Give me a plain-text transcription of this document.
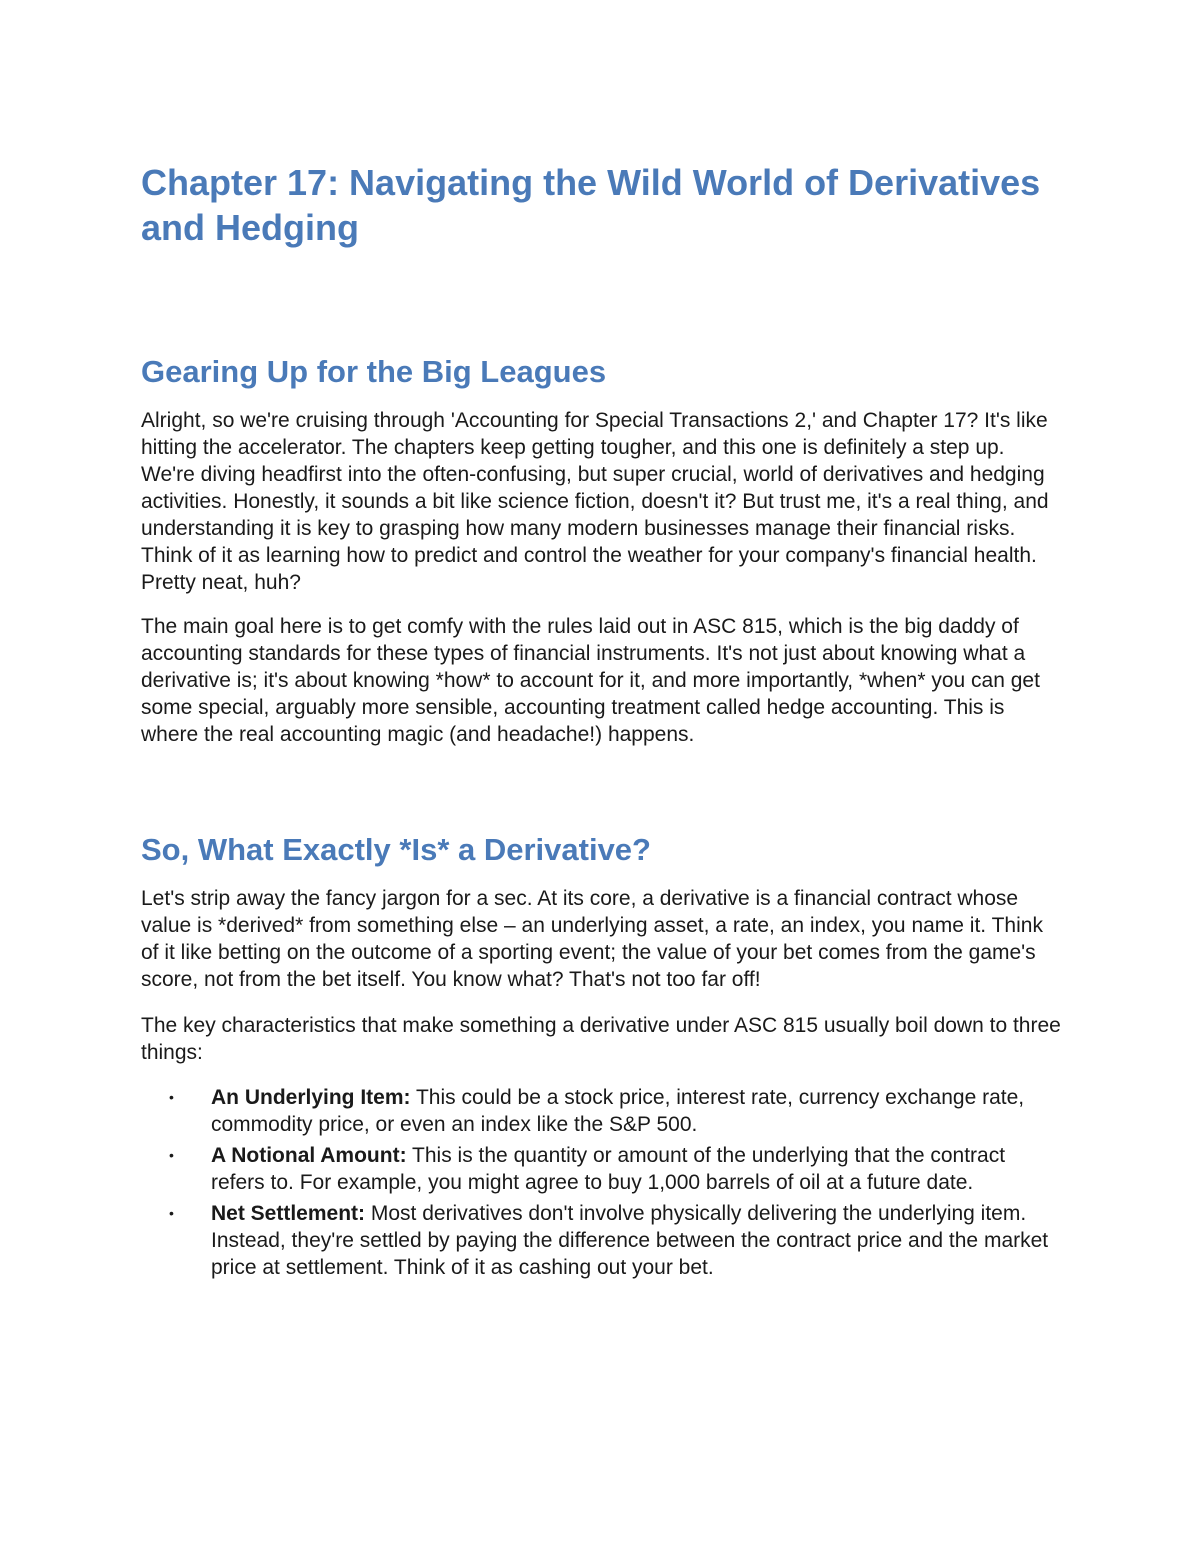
Chapter 17: Navigating the Wild World of Derivatives and Hedging
Gearing Up for the Big Leagues

Alright, so we're cruising through 'Accounting for Special Transactions 2,' and Chapter 17? It's like hitting the accelerator. The chapters keep getting tougher, and this one is definitely a step up. We're diving headfirst into the often-confusing, but super crucial, world of derivatives and hedging activities. Honestly, it sounds a bit like science fiction, doesn't it? But trust me, it's a real thing, and understanding it is key to grasping how many modern businesses manage their financial risks. Think of it as learning how to predict and control the weather for your company's financial health. Pretty neat, huh?

The main goal here is to get comfy with the rules laid out in ASC 815, which is the big daddy of accounting standards for these types of financial instruments. It's not just about knowing what a derivative is; it's about knowing *how* to account for it, and more importantly, *when* you can get some special, arguably more sensible, accounting treatment called hedge accounting. This is where the real accounting magic (and headache!) happens.

So, What Exactly *Is* a Derivative?

Let's strip away the fancy jargon for a sec. At its core, a derivative is a financial contract whose value is *derived* from something else – an underlying asset, a rate, an index, you name it. Think of it like betting on the outcome of a sporting event; the value of your bet comes from the game's score, not from the bet itself. You know what? That's not too far off!

The key characteristics that make something a derivative under ASC 815 usually boil down to three things:

• An Underlying Item: This could be a stock price, interest rate, currency exchange rate, commodity price, or even an index like the S&P 500.
• A Notional Amount: This is the quantity or amount of the underlying that the contract refers to. For example, you might agree to buy 1,000 barrels of oil at a future date.
• Net Settlement: Most derivatives don't involve physically delivering the underlying item. Instead, they're settled by paying the difference between the contract price and the market price at settlement. Think of it as cashing out your bet.
